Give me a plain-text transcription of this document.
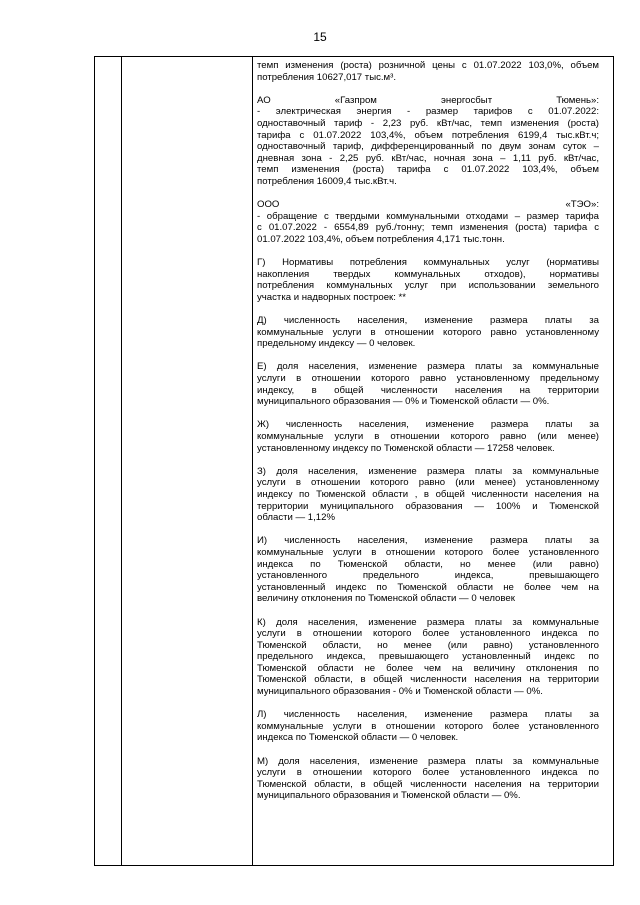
15

темп изменения (роста) розничной цены с 01.07.2022 103,0%, объем
потребления 10627,017 тыс.м³.

АО «Газпром энергосбыт Тюмень»:
- электрическая энергия - размер тарифов с 01.07.2022:
одноставочный тариф - 2,23 руб. кВт/час, темп изменения (роста)
тарифа с 01.07.2022 103,4%, объем потребления 6199,4 тыс.кВт.ч;
одноставочный тариф, дифференцированный по двум зонам суток –
дневная зона - 2,25 руб. кВт/час, ночная зона – 1,11 руб. кВт/час,
темп изменения (роста) тарифа с 01.07.2022 103,4%, объем
потребления 16009,4 тыс.кВт.ч.

ООО «ТЭО»:
- обращение с твердыми коммунальными отходами – размер тарифа
с 01.07.2022 - 6554,89 руб./тонну; темп изменения (роста) тарифа с
01.07.2022 103,4%, объем потребления 4,171 тыс.тонн.

Г) Нормативы потребления коммунальных услуг (нормативы
накопления твердых коммунальных отходов), нормативы
потребления коммунальных услуг при использовании земельного
участка и надворных построек: **

Д) численность населения, изменение размера платы за
коммунальные услуги в отношении которого равно установленному
предельному индексу — 0 человек.

Е) доля населения, изменение размера платы за коммунальные
услуги в отношении которого равно установленному предельному
индексу, в общей численности населения на территории
муниципального образования — 0% и Тюменской области — 0%.

Ж) численность населения, изменение размера платы за
коммунальные услуги в отношении которого равно (или менее)
установленному индексу по Тюменской области — 17258 человек.

З) доля населения, изменение размера платы за коммунальные
услуги в отношении которого равно (или менее) установленному
индексу по Тюменской области , в общей численности населения на
территории муниципального образования — 100% и Тюменской
области — 1,12%

И) численность населения, изменение размера платы за
коммунальные услуги в отношении которого более установленного
индекса по Тюменской области, но менее (или равно)
установленного предельного индекса, превышающего
установленный индекс по Тюменской области не более чем на
величину отклонения по Тюменской области — 0 человек

К) доля населения, изменение размера платы за коммунальные
услуги в отношении которого более установленного индекса по
Тюменской области, но менее (или равно) установленного
предельного индекса, превышающего установленный индекс по
Тюменской области не более чем на величину отклонения по
Тюменской области, в общей численности населения на территории
муниципального образования - 0% и Тюменской области — 0%.

Л) численность населения, изменение размера платы за
коммунальные услуги в отношении которого более установленного
индекса по Тюменской области — 0 человек.

М) доля населения, изменение размера платы за коммунальные
услуги в отношении которого более установленного индекса по
Тюменской области, в общей численности населения на территории
муниципального образования и Тюменской области — 0%.
